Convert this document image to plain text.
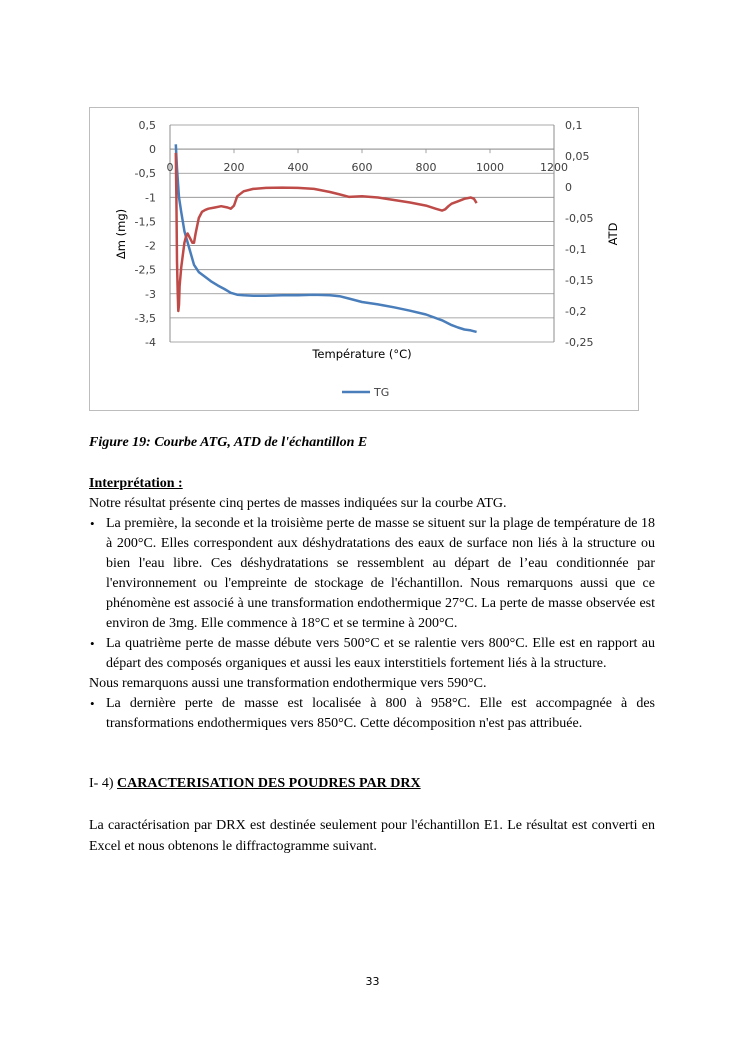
0,5
0
-0,5
-1
-1,5
-2
-2,5
-3
-3,5
-4
0,1
0,05
0
-0,05
-0,1
-0,15
-0,2
-0,25
0	200	400	600	800	1000	1200
Δm (mg)	ATD
Température (°C)
TG
Figure 19: Courbe ATG, ATD de l'échantillon E
Interprétation :
Notre résultat présente cinq pertes de masses indiquées sur la courbe ATG.
• La première, la seconde et la troisième perte de masse se situent sur la plage de température de 18 à 200°C. Elles correspondent aux déshydratations des eaux de surface non liés à la structure ou bien l'eau libre. Ces déshydratations se ressemblent au départ de l’eau conditionnée par l'environnement ou l'empreinte de stockage de l'échantillon. Nous remarquons aussi que ce phénomène est associé à une transformation endothermique 27°C. La perte de masse observée est environ de 3mg. Elle commence à 18°C et se termine à 200°C.
• La quatrième perte de masse débute vers 500°C et se ralentie vers 800°C. Elle est en rapport au départ des composés organiques et aussi les eaux interstitiels fortement liés à la structure.
Nous remarquons aussi une transformation endothermique vers 590°C.
• La dernière perte de masse est localisée à 800 à 958°C. Elle est accompagnée à des transformations endothermiques vers 850°C. Cette décomposition n'est pas attribuée.
I- 4) CARACTERISATION DES POUDRES PAR DRX
La caractérisation par DRX est destinée seulement pour l'échantillon E1. Le résultat est converti en Excel et nous obtenons le diffractogramme suivant.
33
